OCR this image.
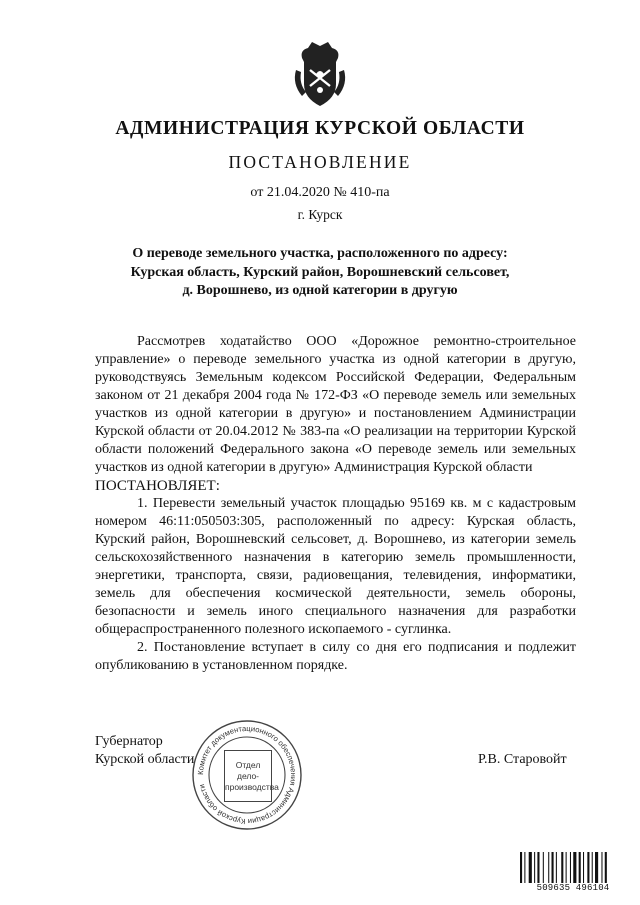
АДМИНИСТРАЦИЯ КУРСКОЙ ОБЛАСТИ
ПОСТАНОВЛЕНИЕ
от 21.04.2020 № 410-па
г. Курск
О переводе земельного участка, расположенного по адресу:
Курская область, Курский район, Ворошневский сельсовет,
д. Ворошнево, из одной категории в другую

Рассмотрев ходатайство ООО «Дорожное ремонтно-строительное управление» о переводе земельного участка из одной категории в другую, руководствуясь Земельным кодексом Российской Федерации, Федеральным законом от 21 декабря 2004 года № 172-ФЗ «О переводе земель или земельных участков из одной категории в другую» и постановлением Администрации Курской области от 20.04.2012 № 383-па «О реализации на территории Курской области положений Федерального закона «О переводе земель или земельных участков из одной категории в другую» Администрация Курской области

ПОСТАНОВЛЯЕТ:

1. Перевести земельный участок площадью 95169 кв. м с кадастровым номером 46:11:050503:305, расположенный по адресу: Курская область, Курский район, Ворошневский сельсовет, д. Ворошнево, из категории земель сельскохозяйственного назначения в категорию земель промышленности, энергетики, транспорта, связи, радиовещания, телевидения, информатики, земель для обеспечения космической деятельности, земель обороны, безопасности и земель иного специального назначения для разработки общераспространенного полезного ископаемого - суглинка.

2. Постановление вступает в силу со дня его подписания и подлежит опубликованию в установленном порядке.

Губернатор
Курской области	Р.В. Старовойт
Комитет документационного обеспечения Администрации Курской области
Отдел
дело-
производства
509635 496104
